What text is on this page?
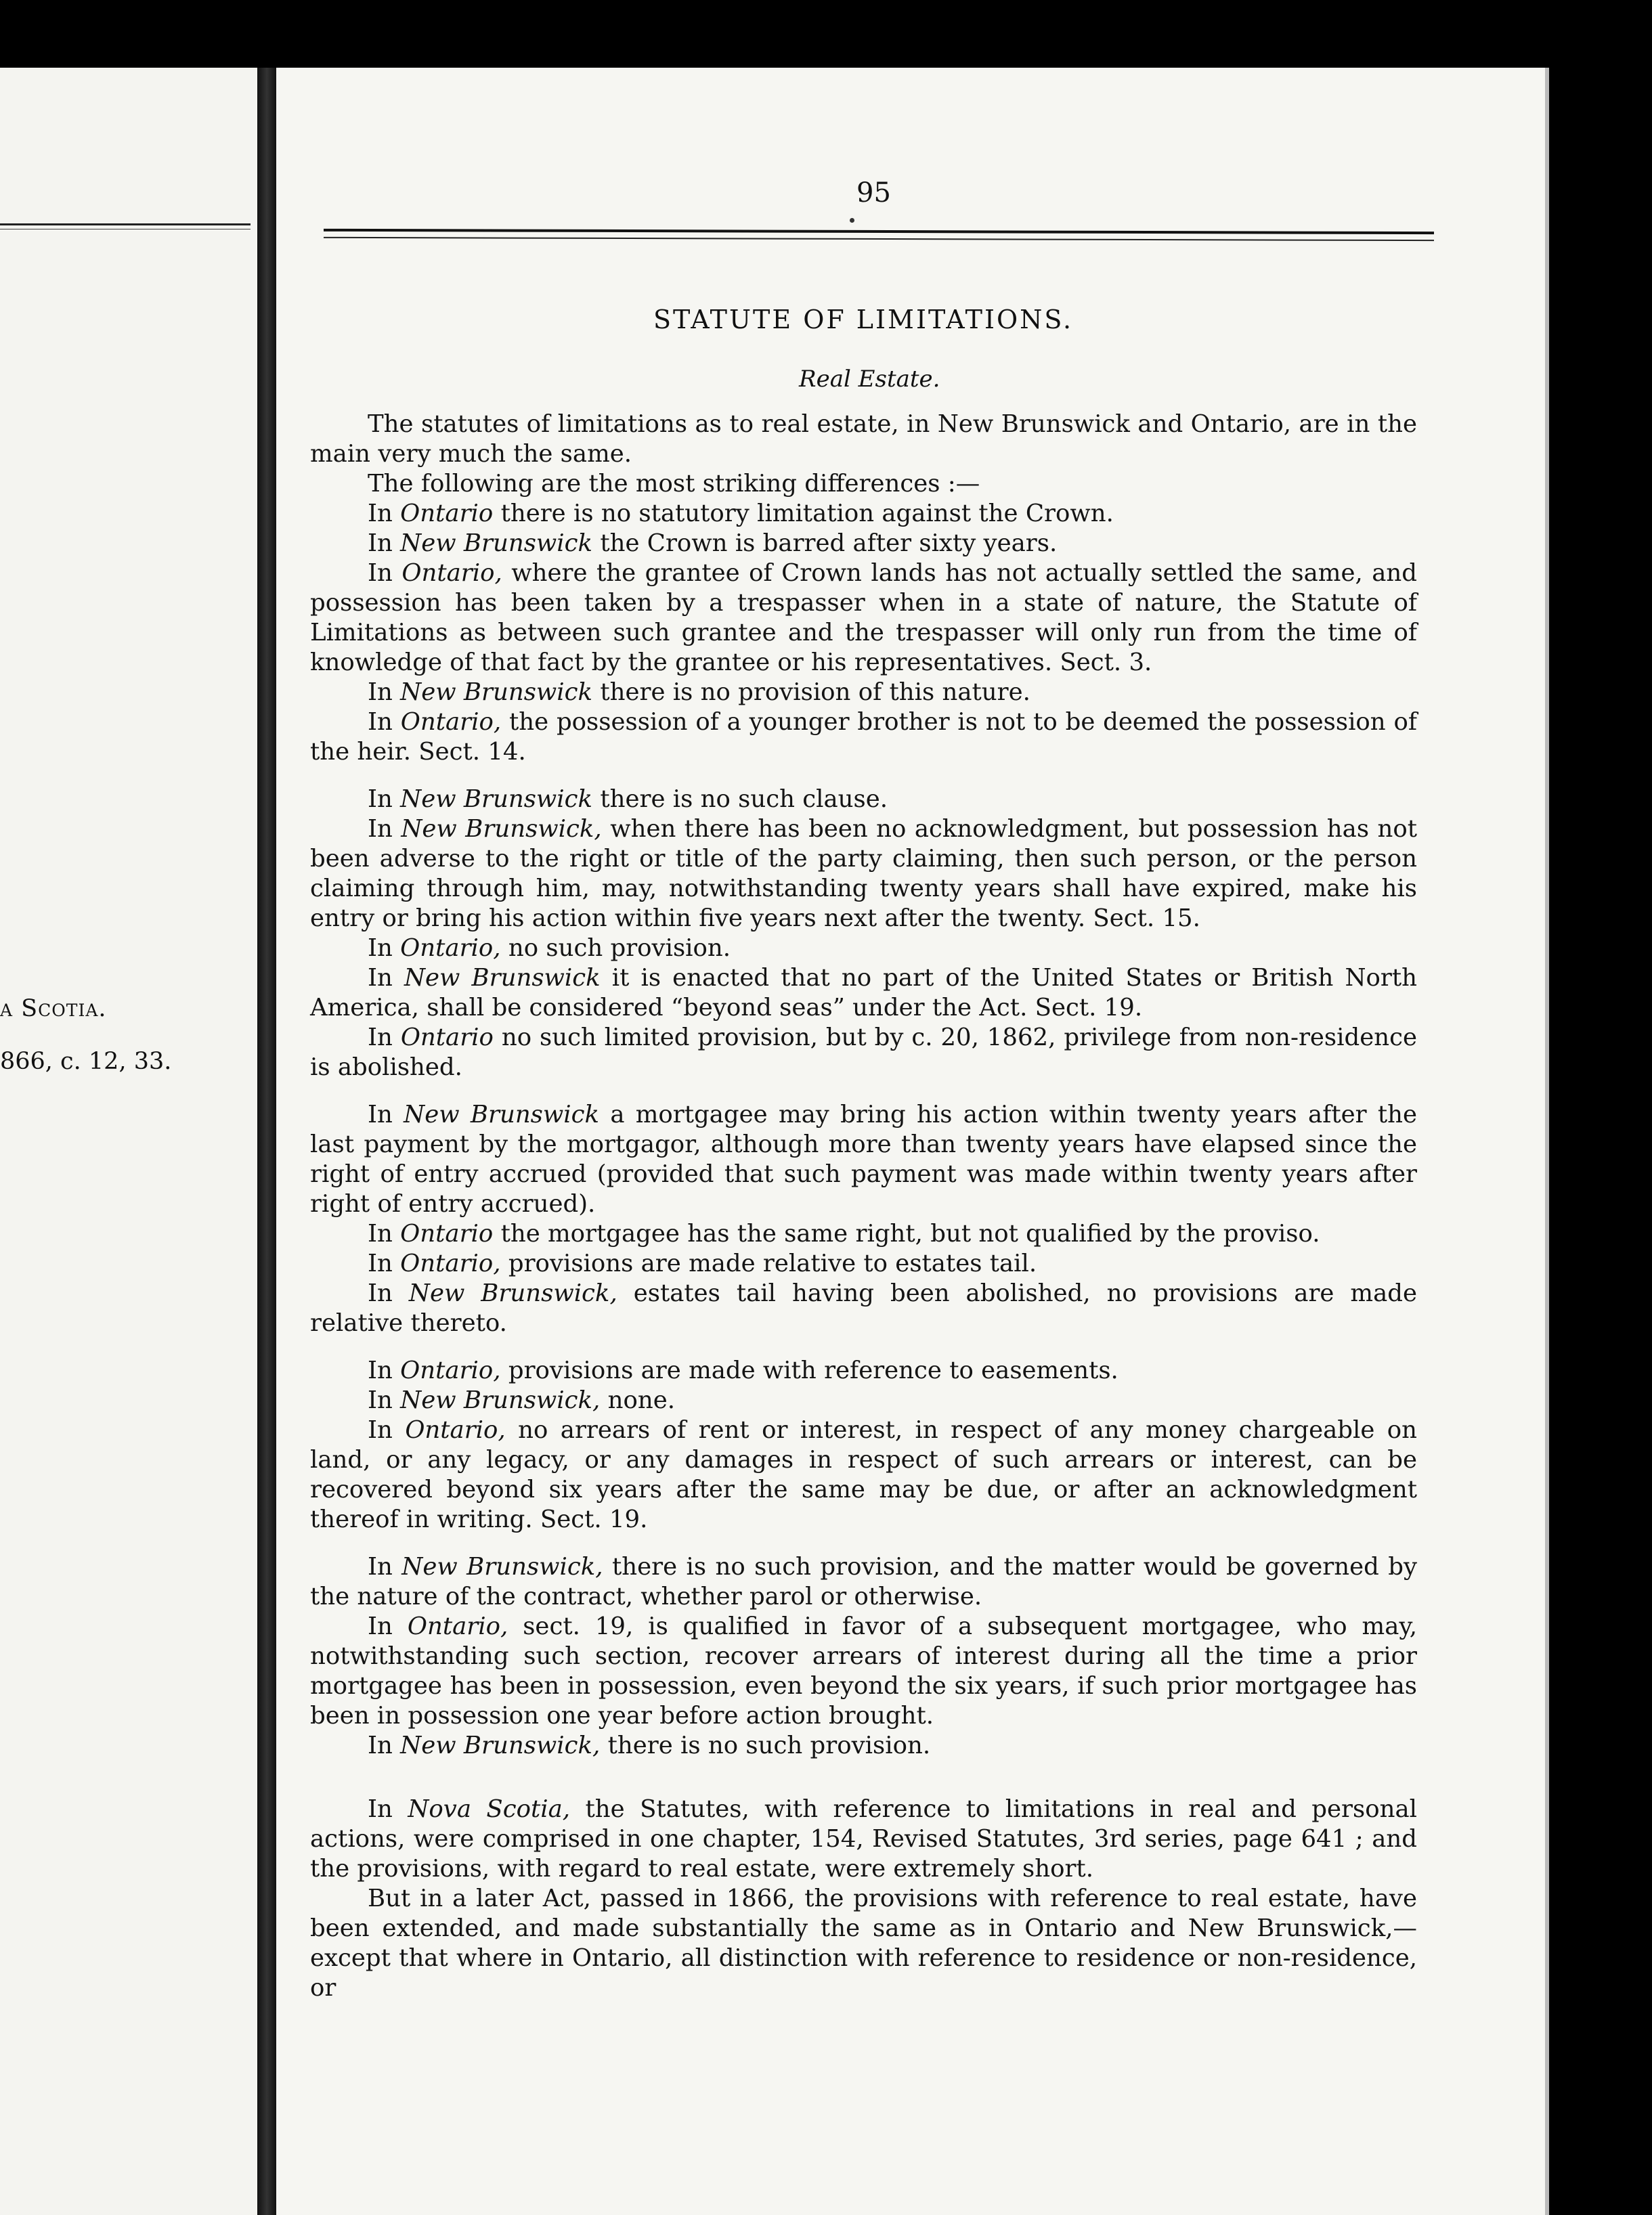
a Scotia.
866, c. 12, 33.
95
STATUTE OF LIMITATIONS.
Real Estate.

The statutes of limitations as to real estate, in New Brunswick and Ontario, are in the main very much the same.

The following are the most striking differences :—

In Ontario there is no statutory limitation against the Crown.

In New Brunswick the Crown is barred after sixty years.

In Ontario, where the grantee of Crown lands has not actually settled the same, and possession has been taken by a trespasser when in a state of nature, the Statute of Limitations as between such grantee and the trespasser will only run from the time of knowledge of that fact by the grantee or his representatives. Sect. 3.

In New Brunswick there is no provision of this nature.

In Ontario, the possession of a younger brother is not to be deemed the possession of the heir. Sect. 14.

In New Brunswick there is no such clause.

In New Brunswick, when there has been no acknowledgment, but possession has not been adverse to the right or title of the party claiming, then such person, or the person claiming through him, may, notwithstanding twenty years shall have expired, make his entry or bring his action within five years next after the twenty. Sect. 15.

In Ontario, no such provision.

In New Brunswick it is enacted that no part of the United States or British North America, shall be considered “beyond seas” under the Act. Sect. 19.

In Ontario no such limited provision, but by c. 20, 1862, privilege from non-residence is abolished.

In New Brunswick a mortgagee may bring his action within twenty years after the last payment by the mortgagor, although more than twenty years have elapsed since the right of entry accrued (provided that such payment was made within twenty years after right of entry accrued).

In Ontario the mortgagee has the same right, but not qualified by the proviso.

In Ontario, provisions are made relative to estates tail.

In New Brunswick, estates tail having been abolished, no provisions are made relative thereto.

In Ontario, provisions are made with reference to easements.

In New Brunswick, none.

In Ontario, no arrears of rent or interest, in respect of any money chargeable on land, or any legacy, or any damages in respect of such arrears or interest, can be recovered beyond six years after the same may be due, or after an acknowledgment thereof in writing. Sect. 19.

In New Brunswick, there is no such provision, and the matter would be governed by the nature of the contract, whether parol or otherwise.

In Ontario, sect. 19, is qualified in favor of a subsequent mortgagee, who may, notwithstanding such section, recover arrears of interest during all the time a prior mortgagee has been in possession, even beyond the six years, if such prior mortgagee has been in possession one year before action brought.

In New Brunswick, there is no such provision.

In Nova Scotia, the Statutes, with reference to limitations in real and personal actions, were comprised in one chapter, 154, Revised Statutes, 3rd series, page 641 ; and the provisions, with regard to real estate, were extremely short.

But in a later Act, passed in 1866, the provisions with reference to real estate, have been extended, and made substantially the same as in Ontario and New Brunswick,—except that where in Ontario, all distinction with reference to residence or non-residence, or
